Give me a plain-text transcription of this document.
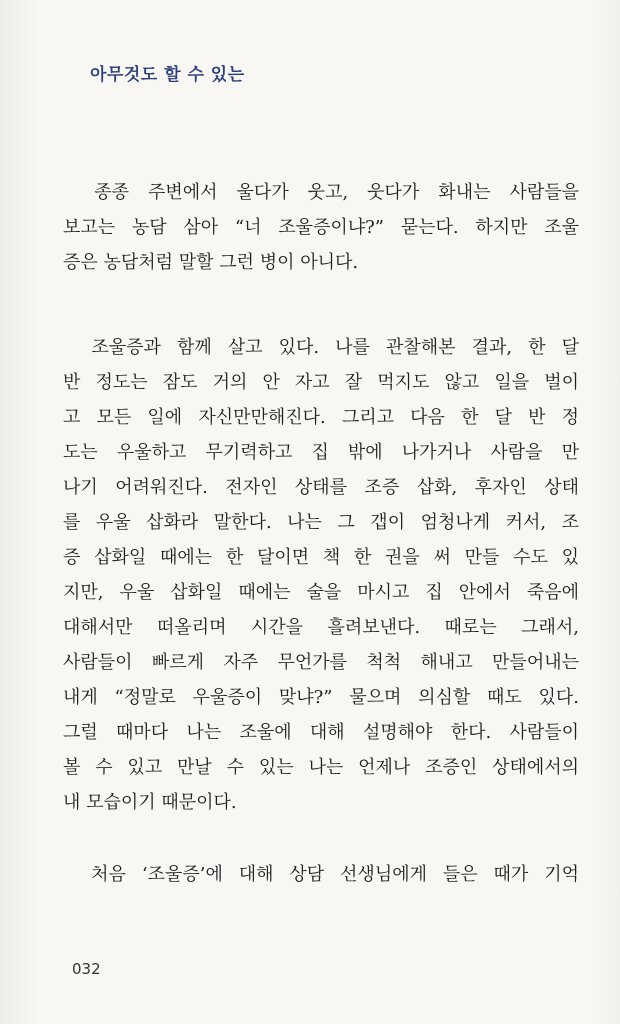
아무것도 할 수 있는
　종종 주변에서 울다가 웃고, 웃다가 화내는 사람들을
보고는 농담 삼아 “너 조울증이냐?” 묻는다. 하지만 조울
증은 농담처럼 말할 그런 병이 아니다.
　조울증과 함께 살고 있다. 나를 관찰해본 결과, 한 달
반 정도는 잠도 거의 안 자고 잘 먹지도 않고 일을 벌이
고 모든 일에 자신만만해진다. 그리고 다음 한 달 반 정
도는 우울하고 무기력하고 집 밖에 나가거나 사람을 만
나기 어려워진다. 전자인 상태를 조증 삽화, 후자인 상태
를 우울 삽화라 말한다. 나는 그 갭이 엄청나게 커서, 조
증 삽화일 때에는 한 달이면 책 한 권을 써 만들 수도 있
지만, 우울 삽화일 때에는 술을 마시고 집 안에서 죽음에
대해서만 떠올리며 시간을 흘려보낸다. 때로는 그래서,
사람들이 빠르게 자주 무언가를 척척 해내고 만들어내는
내게 “정말로 우울증이 맞냐?” 물으며 의심할 때도 있다.
그럴 때마다 나는 조울에 대해 설명해야 한다. 사람들이
볼 수 있고 만날 수 있는 나는 언제나 조증인 상태에서의
내 모습이기 때문이다.
　처음 ‘조울증’에 대해 상담 선생님에게 들은 때가 기억
032
